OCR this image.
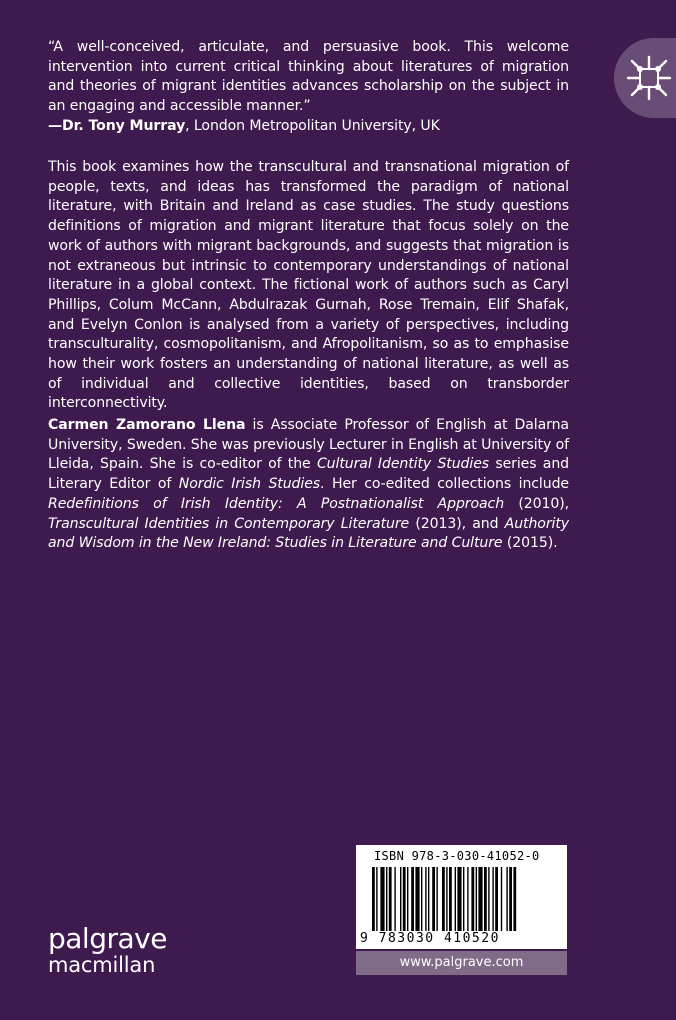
“A well-conceived, articulate, and persuasive book. This welcome intervention into current critical thinking about literatures of migration and theories of migrant identities advances scholarship on the subject in an engaging and accessible manner.”
—Dr. Tony Murray, London Metropolitan University, UK
This book examines how the transcultural and transnational migration of people, texts, and ideas has transformed the paradigm of national literature, with Britain and Ireland as case studies. The study questions definitions of migration and migrant literature that focus solely on the work of authors with migrant backgrounds, and suggests that migration is not extraneous but intrinsic to contemporary understandings of national literature in a global context. The fictional work of authors such as Caryl Phillips, Colum McCann, Abdulrazak Gurnah, Rose Tremain, Elif Shafak, and Evelyn Conlon is analysed from a variety of perspectives, including transculturality, cosmopolitanism, and Afropolitanism, so as to emphasise how their work fosters an understanding of national literature, as well as of individual and collective identities, based on transborder interconnectivity.
Carmen Zamorano Llena is Associate Professor of English at Dalarna University, Sweden. She was previously Lecturer in English at University of Lleida, Spain. She is co-editor of the Cultural Identity Studies series and Literary Editor of Nordic Irish Studies. Her co-edited collections include Redefinitions of Irish Identity: A Postnationalist Approach (2010), Transcultural Identities in Contemporary Literature (2013), and Authority and Wisdom in the New Ireland: Studies in Literature and Culture (2015).
palgrave
macmillan
ISBN 978-3-030-41052-0
9 783030 410520
www.palgrave.com
